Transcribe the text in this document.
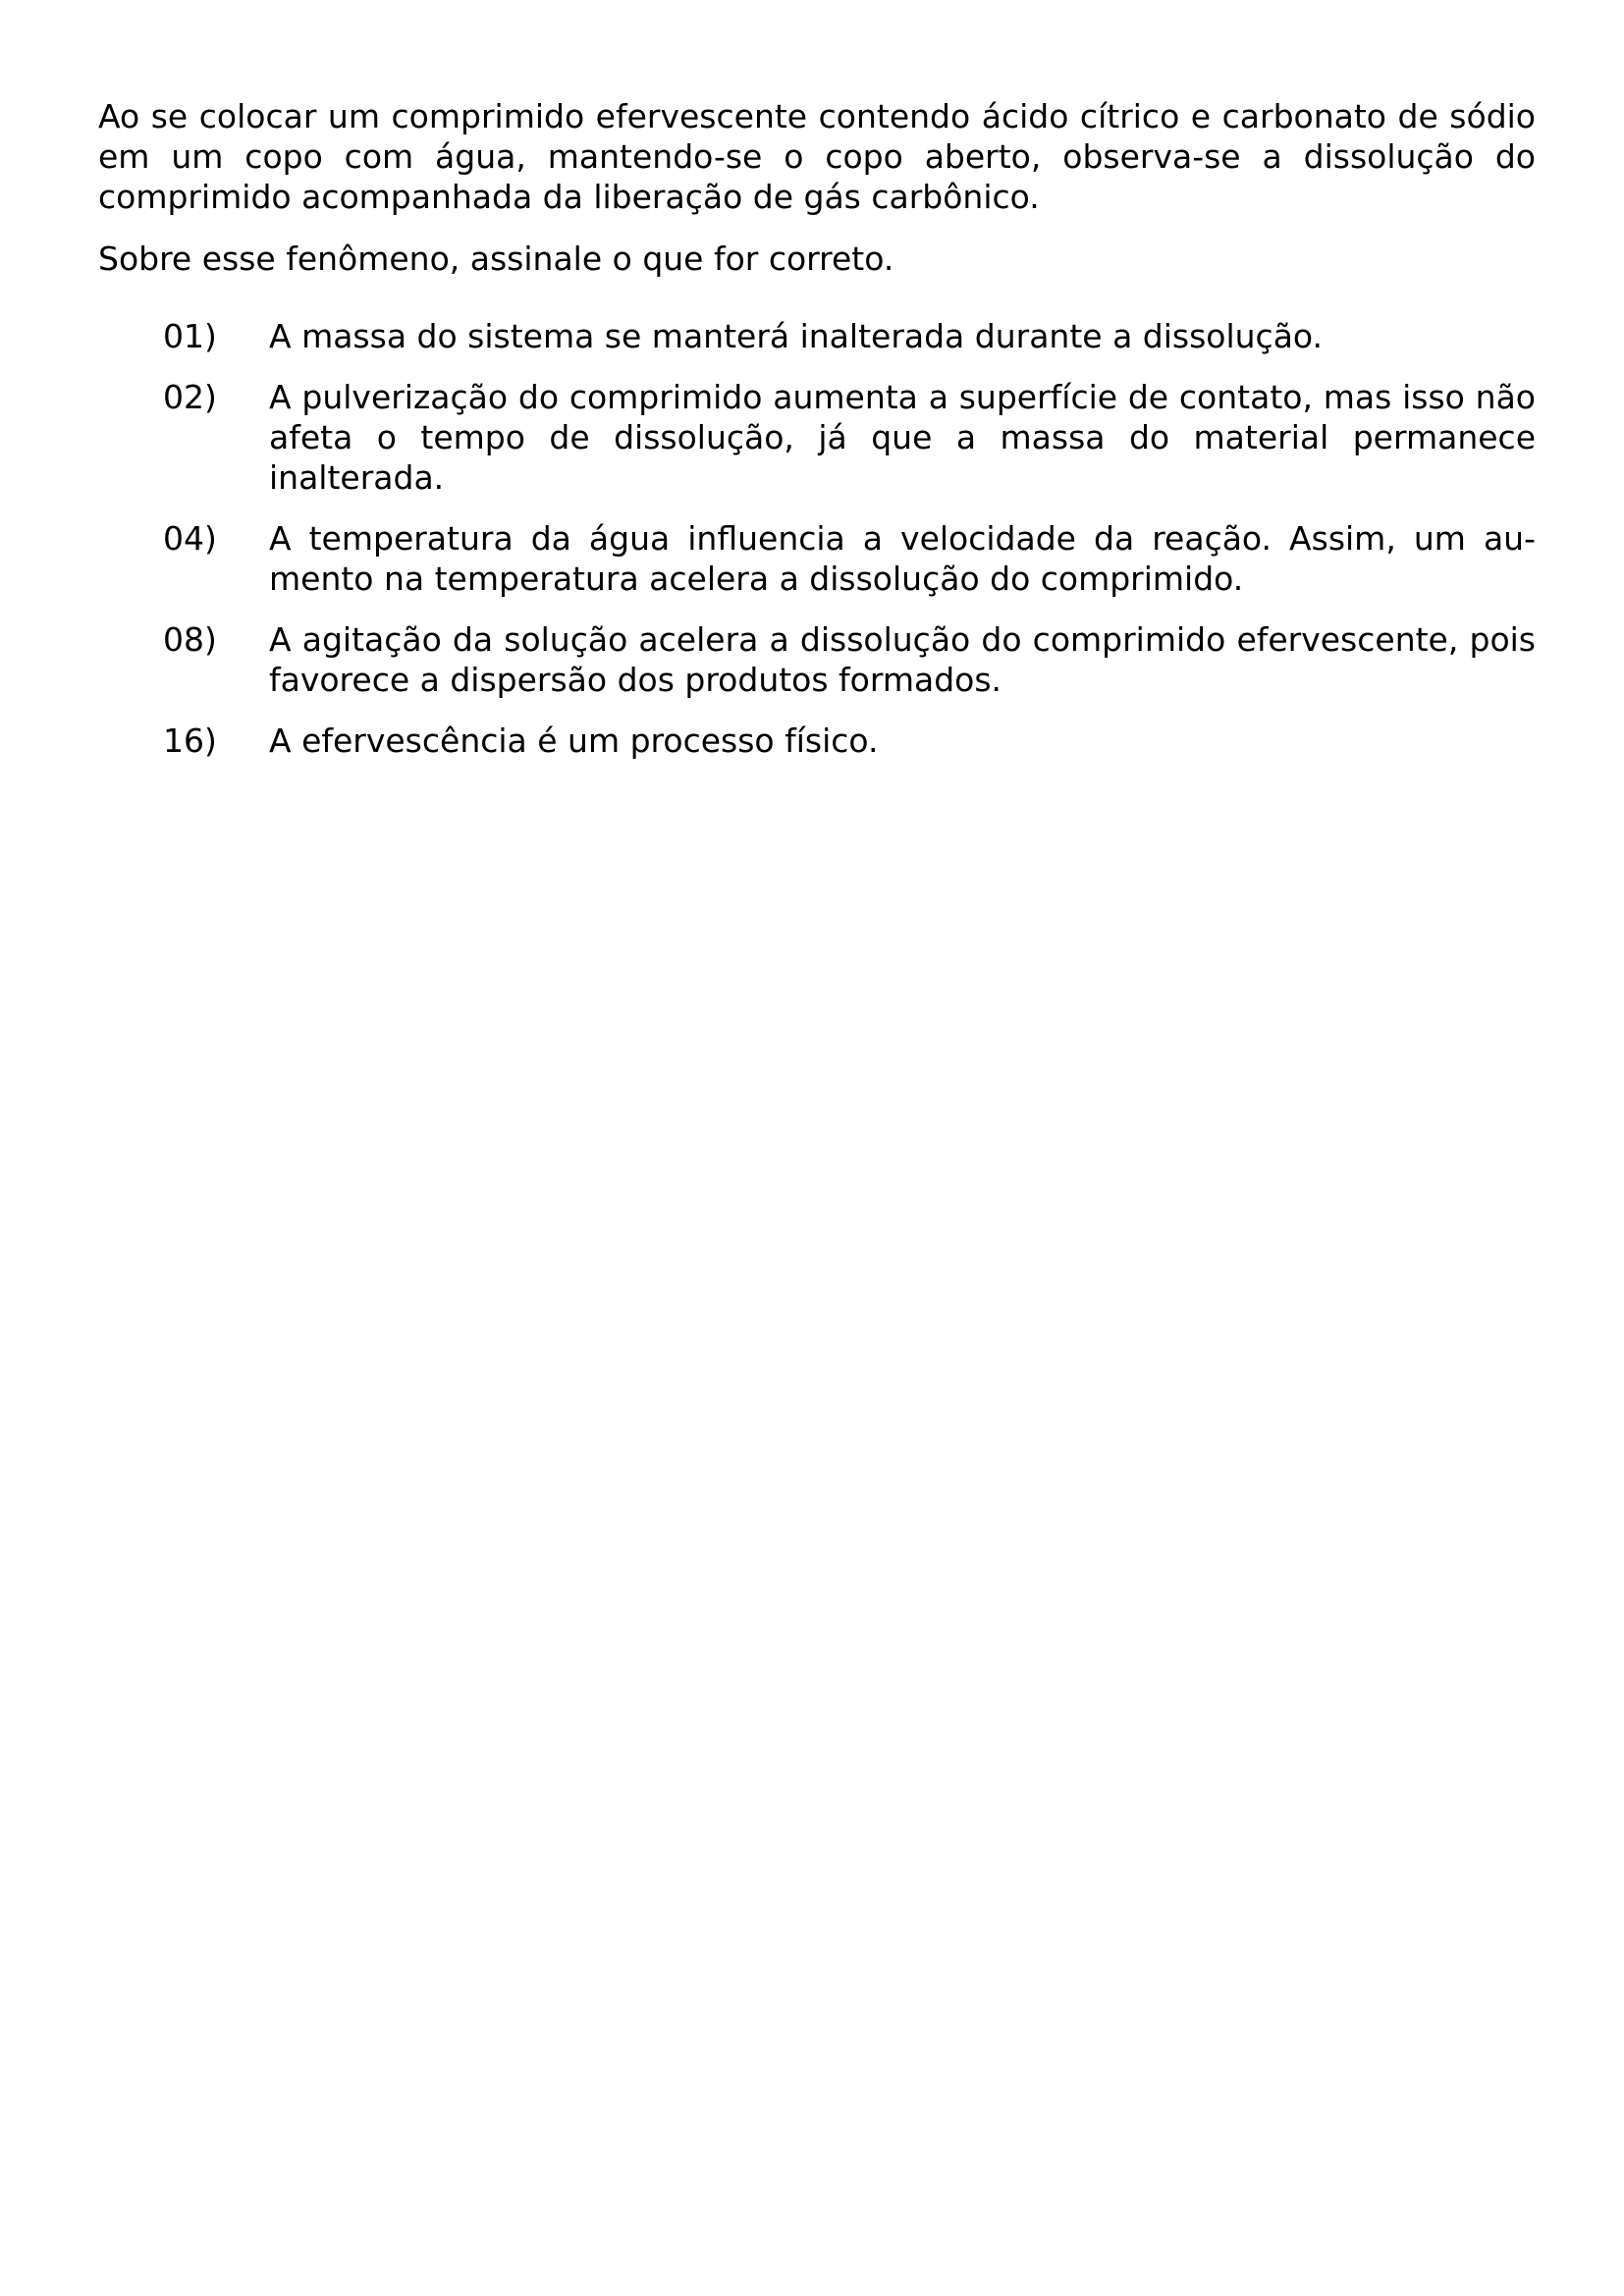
Ao se colocar um comprimido efervescente contendo ácido cítrico e carbonato de sódio em um copo com água, mantendo-se o copo aberto, observa-se a dissolução do comprimido acompanhada da liberação de gás carbônico.

Sobre esse fenômeno, assinale o que for correto.

01)	A massa do sistema se manterá inalterada durante a dissolução.
02)	A pulverização do comprimido aumenta a superfície de contato, mas isso não afeta o tempo de dissolução, já que a massa do material permanece inalterada.
04)	A temperatura da água influencia a velocidade da reação. Assim, um aumento na temperatura acelera a dissolução do comprimido.
08)	A agitação da solução acelera a dissolução do comprimido efervescente, pois favorece a dispersão dos produtos formados.
16)	A efervescência é um processo físico.
